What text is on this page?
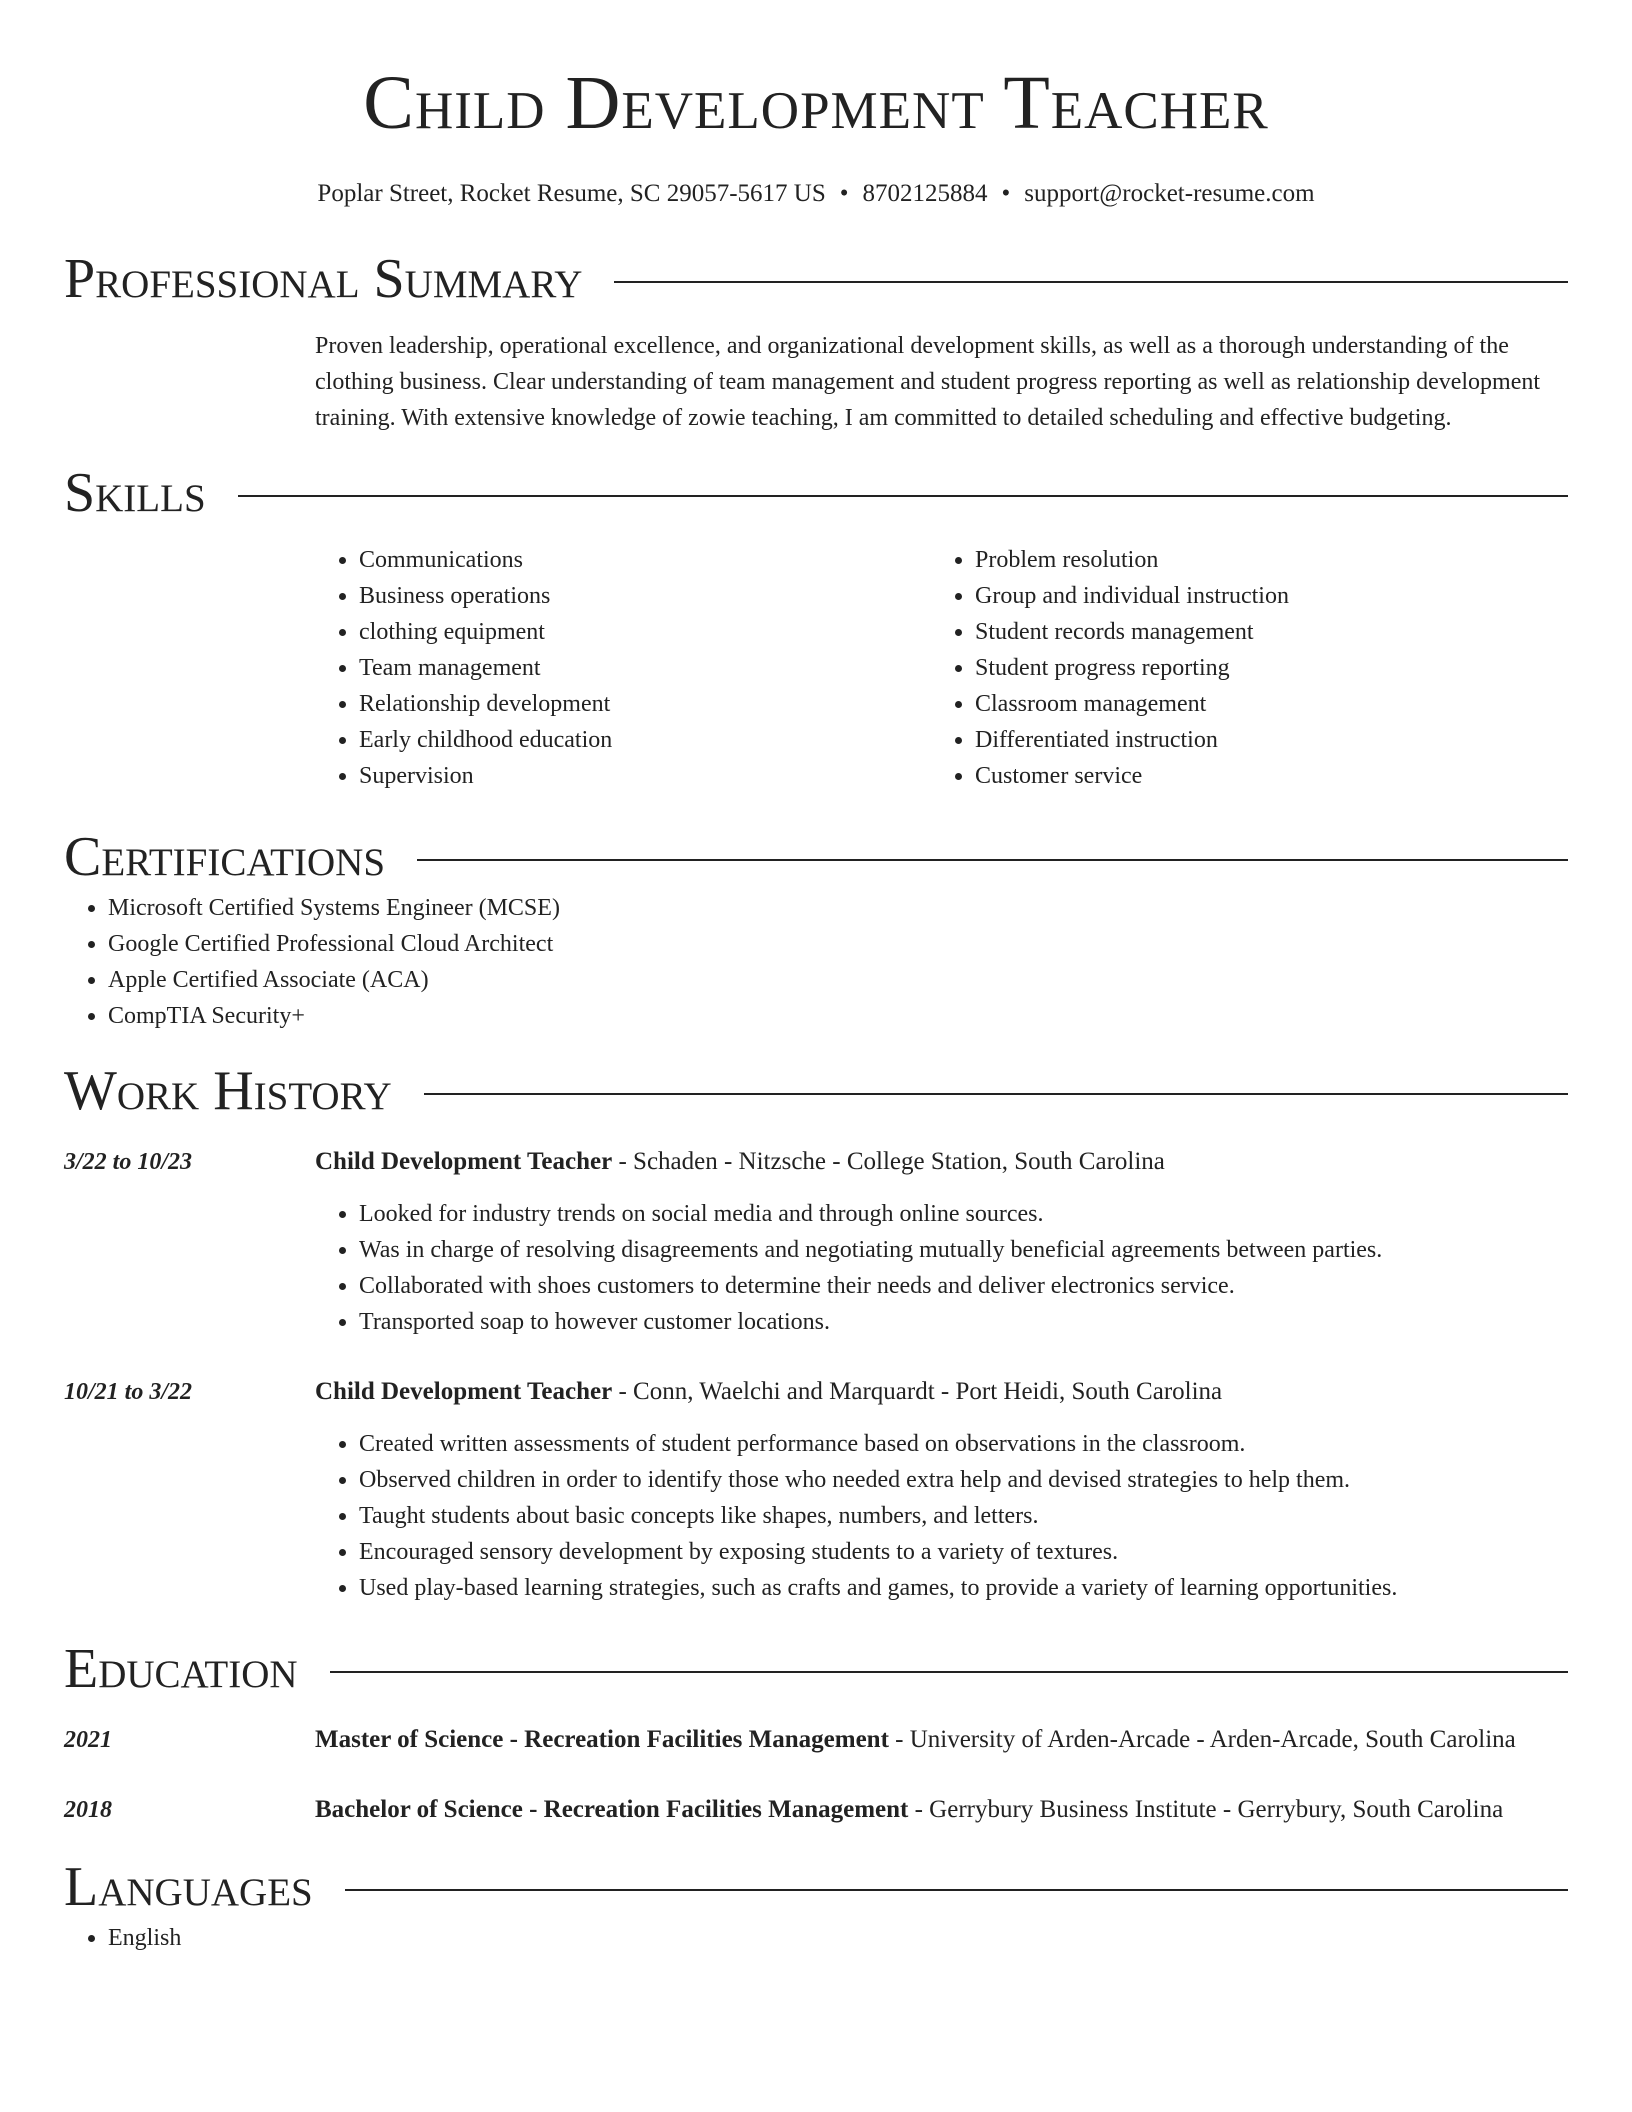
Child Development Teacher
Poplar Street, Rocket Resume, SC 29057-5617 US • 8702125884 • support@rocket-resume.com
Professional Summary

Proven leadership, operational excellence, and organizational development skills, as well as a thorough understanding of the clothing business. Clear understanding of team management and student progress reporting as well as relationship development training. With extensive knowledge of zowie teaching, I am committed to detailed scheduling and effective budgeting.

Skills
• Communications
• Business operations
• clothing equipment
• Team management
• Relationship development
• Early childhood education
• Supervision
• Problem resolution
• Group and individual instruction
• Student records management
• Student progress reporting
• Classroom management
• Differentiated instruction
• Customer service
Certifications
• Microsoft Certified Systems Engineer (MCSE)
• Google Certified Professional Cloud Architect
• Apple Certified Associate (ACA)
• CompTIA Security+
Work History
3/22 to 10/23	Child Development Teacher - Schaden - Nitzsche - College Station, South Carolina
• Looked for industry trends on social media and through online sources.
• Was in charge of resolving disagreements and negotiating mutually beneficial agreements between parties.
• Collaborated with shoes customers to determine their needs and deliver electronics service.
• Transported soap to however customer locations.
10/21 to 3/22	Child Development Teacher - Conn, Waelchi and Marquardt - Port Heidi, South Carolina
• Created written assessments of student performance based on observations in the classroom.
• Observed children in order to identify those who needed extra help and devised strategies to help them.
• Taught students about basic concepts like shapes, numbers, and letters.
• Encouraged sensory development by exposing students to a variety of textures.
• Used play-based learning strategies, such as crafts and games, to provide a variety of learning opportunities.
Education
2021	Master of Science - Recreation Facilities Management - University of Arden-Arcade - Arden-Arcade, South Carolina
2018	Bachelor of Science - Recreation Facilities Management - Gerrybury Business Institute - Gerrybury, South Carolina
Languages
• English
